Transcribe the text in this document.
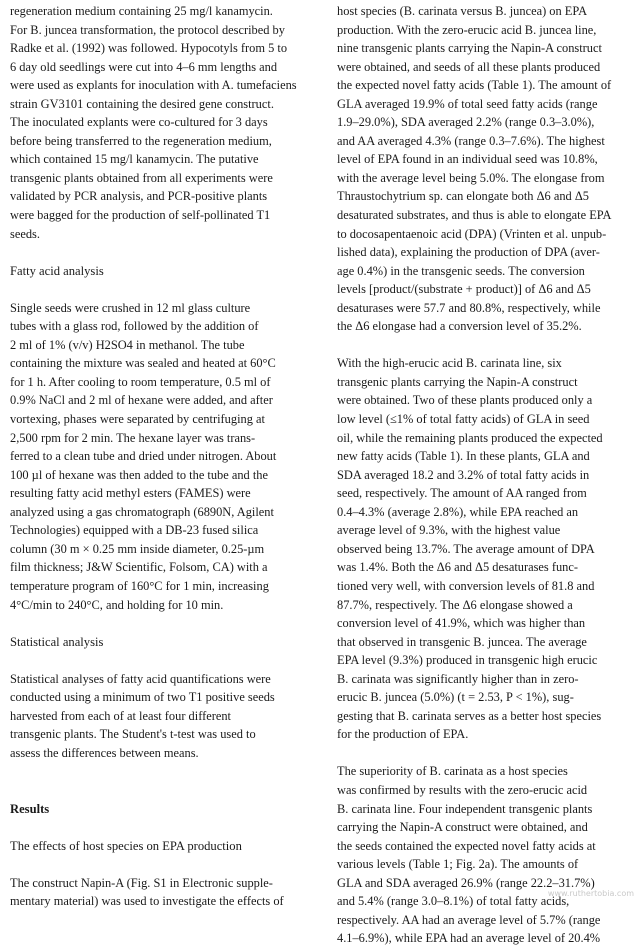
regeneration medium containing 25 mg/l kanamycin.
For B. juncea transformation, the protocol described by
Radke et al. (1992) was followed. Hypocotyls from 5 to
6 day old seedlings were cut into 4–6 mm lengths and
were used as explants for inoculation with A. tumefaciens
strain GV3101 containing the desired gene construct.
The inoculated explants were co-cultured for 3 days
before being transferred to the regeneration medium,
which contained 15 mg/l kanamycin. The putative
transgenic plants obtained from all experiments were
validated by PCR analysis, and PCR-positive plants
were bagged for the production of self-pollinated T1
seeds.
Fatty acid analysis
Single seeds were crushed in 12 ml glass culture
tubes with a glass rod, followed by the addition of
2 ml of 1% (v/v) H2SO4 in methanol. The tube
containing the mixture was sealed and heated at 60°C
for 1 h. After cooling to room temperature, 0.5 ml of
0.9% NaCl and 2 ml of hexane were added, and after
vortexing, phases were separated by centrifuging at
2,500 rpm for 2 min. The hexane layer was trans-
ferred to a clean tube and dried under nitrogen. About
100 µl of hexane was then added to the tube and the
resulting fatty acid methyl esters (FAMES) were
analyzed using a gas chromatograph (6890N, Agilent
Technologies) equipped with a DB-23 fused silica
column (30 m × 0.25 mm inside diameter, 0.25-µm
film thickness; J&W Scientific, Folsom, CA) with a
temperature program of 160°C for 1 min, increasing
4°C/min to 240°C, and holding for 10 min.
Statistical analysis
Statistical analyses of fatty acid quantifications were
conducted using a minimum of two T1 positive seeds
harvested from each of at least four different
transgenic plants. The Student's t-test was used to
assess the differences between means.
Results
The effects of host species on EPA production
The construct Napin-A (Fig. S1 in Electronic supple-
mentary material) was used to investigate the effects of
host species (B. carinata versus B. juncea) on EPA
production. With the zero-erucic acid B. juncea line,
nine transgenic plants carrying the Napin-A construct
were obtained, and seeds of all these plants produced
the expected novel fatty acids (Table 1). The amount of
GLA averaged 19.9% of total seed fatty acids (range
1.9–29.0%), SDA averaged 2.2% (range 0.3–3.0%),
and AA averaged 4.3% (range 0.3–7.6%). The highest
level of EPA found in an individual seed was 10.8%,
with the average level being 5.0%. The elongase from
Thraustochytrium sp. can elongate both Δ6 and Δ5
desaturated substrates, and thus is able to elongate EPA
to docosapentaenoic acid (DPA) (Vrinten et al. unpub-
lished data), explaining the production of DPA (aver-
age 0.4%) in the transgenic seeds. The conversion
levels [product/(substrate + product)] of Δ6 and Δ5
desaturases were 57.7 and 80.8%, respectively, while
the Δ6 elongase had a conversion level of 35.2%.
With the high-erucic acid B. carinata line, six
transgenic plants carrying the Napin-A construct
were obtained. Two of these plants produced only a
low level (≤1% of total fatty acids) of GLA in seed
oil, while the remaining plants produced the expected
new fatty acids (Table 1). In these plants, GLA and
SDA averaged 18.2 and 3.2% of total fatty acids in
seed, respectively. The amount of AA ranged from
0.4–4.3% (average 2.8%), while EPA reached an
average level of 9.3%, with the highest value
observed being 13.7%. The average amount of DPA
was 1.4%. Both the Δ6 and Δ5 desaturases func-
tioned very well, with conversion levels of 81.8 and
87.7%, respectively. The Δ6 elongase showed a
conversion level of 41.9%, which was higher than
that observed in transgenic B. juncea. The average
EPA level (9.3%) produced in transgenic high erucic
B. carinata was significantly higher than in zero-
erucic B. juncea (5.0%) (t = 2.53, P < 1%), sug-
gesting that B. carinata serves as a better host species
for the production of EPA.
The superiority of B. carinata as a host species
was confirmed by results with the zero-erucic acid
B. carinata line. Four independent transgenic plants
carrying the Napin-A construct were obtained, and
the seeds contained the expected novel fatty acids at
various levels (Table 1; Fig. 2a). The amounts of
GLA and SDA averaged 26.9% (range 22.2–31.7%)
and 5.4% (range 3.0–8.1%) of total fatty acids,
respectively. AA had an average level of 5.7% (range
4.1–6.9%), while EPA had an average level of 20.4%
www.ruthertobia.com
